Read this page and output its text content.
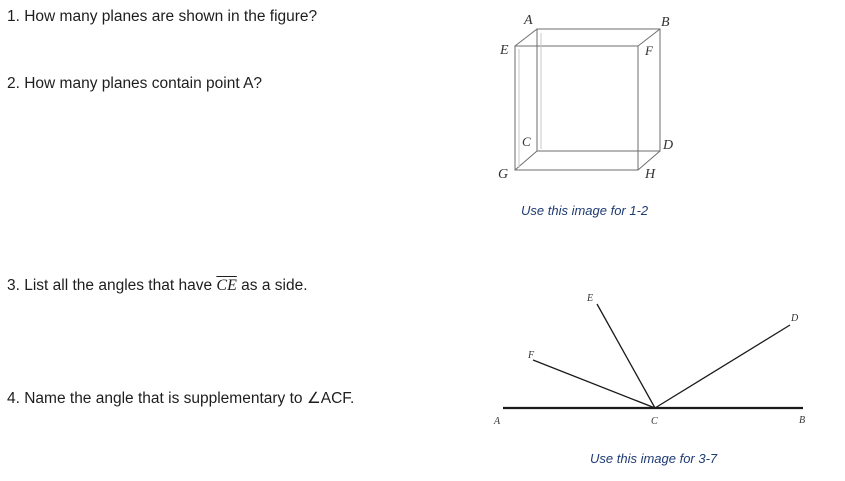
1. How many planes are shown in the figure?
2. How many planes contain point A?
3. List all the angles that have $\overline{CE}$ as a side.
4. Name the angle that is supplementary to ∠ACF.
A	B
E	F
C	D
G	H
A	B
C
D
E
F
Use this image for 1-2
Use this image for 3-7
